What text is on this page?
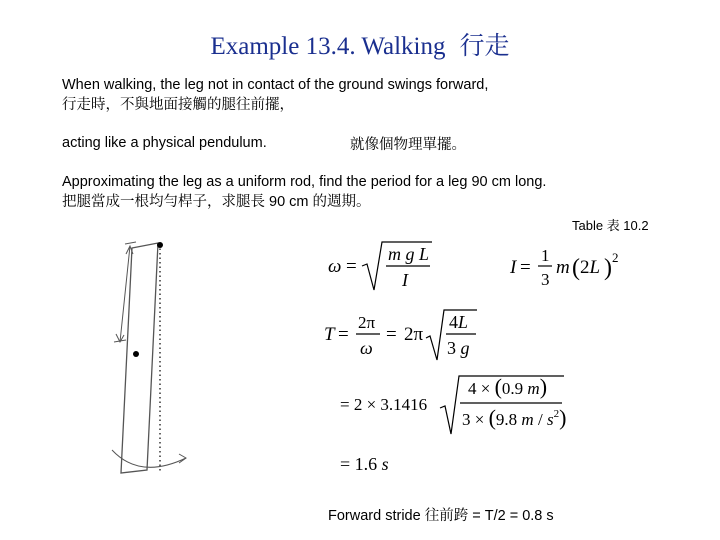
Example 13.4. Walking 行走
When walking, the leg not in contact of the ground swings forward,
行走時，不與地面接觸的腿往前擺，
acting like a physical pendulum.	就像個物理單擺。
Approximating the leg as a uniform rod, find the period for a leg 90 cm long.
把腿當成一根均勻桿子，求腿長 90 cm 的週期。
Table 表 10.2
ω =
m g L
I
I =
1
3
m ( 2L ) 2
T =
2π
ω
= 2π
4L
3 g
= 2 × 3.1416
4 × (0.9 m)
3 × (9.8 m / $s^2$)
= 1.6 s
Forward stride 往前跨 = T/2 = 0.8 s
